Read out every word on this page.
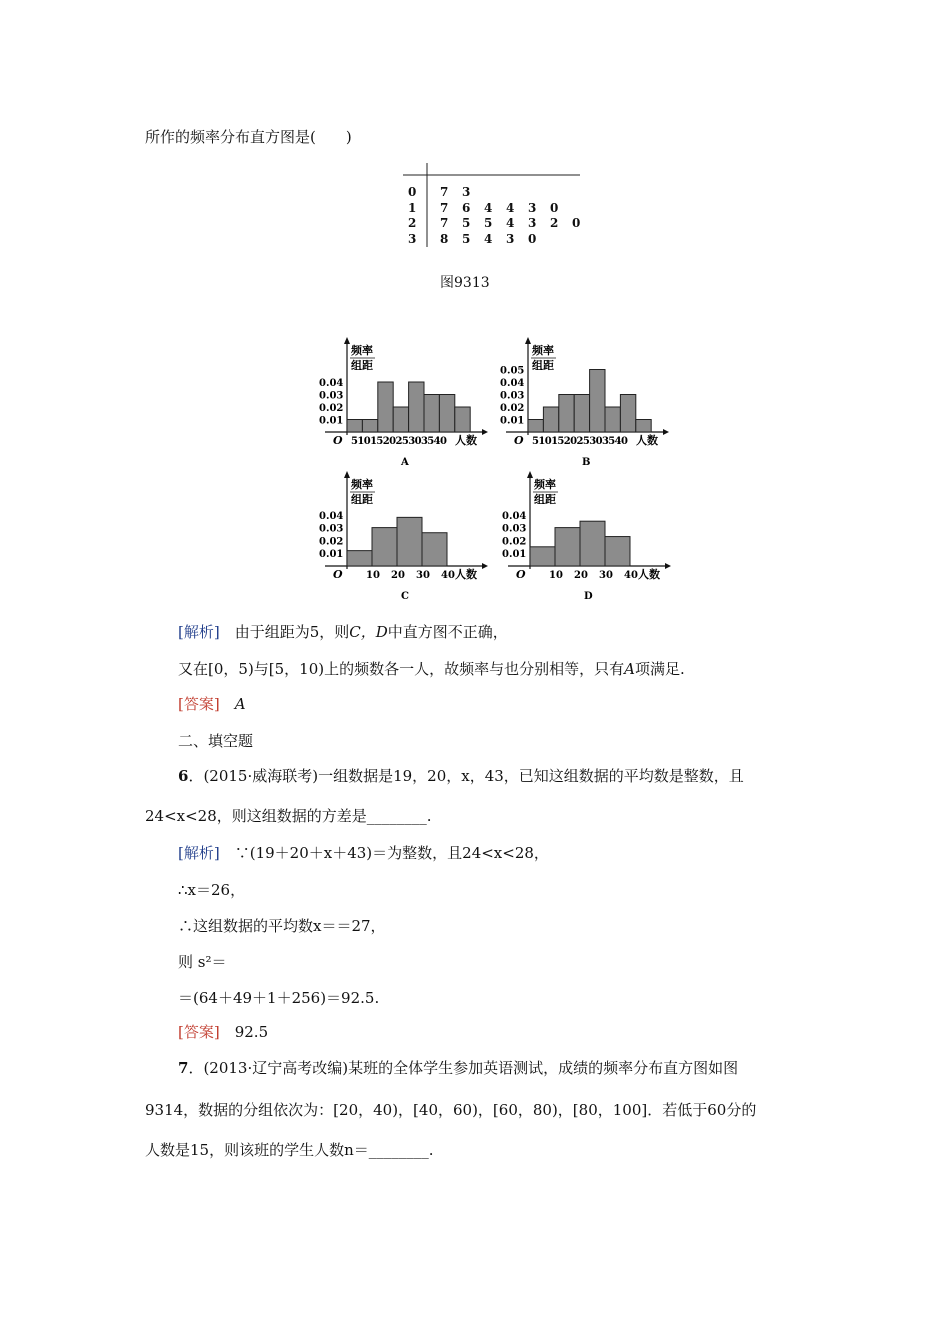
所作的频率分布直方图是(　　)
0 7 3
1 7 6 4 4 3 0
2 7 5 5 4 3 2 0
3 8 5 4 3 0
图9313
频率
组距
O	人数
0.01
0.02
0.03
0.04
510152025303540
A
频率
组距
O	人数
0.01
0.02
0.03
0.04
0.05
510152025303540
B
频率
组距
O	人数
0.01
0.02
0.03
0.04
10 20 30 40
C
频率
组距
O	人数
0.01
0.02
0.03
0.04
10 20 30 40
D
[解析]　由于组距为5，则C，D中直方图不正确，
又在[0，5)与[5，10)上的频数各一人，故频率与也分别相等，只有A项满足.
[答案]　 A
二、填空题
6．(2015·威海联考)一组数据是19，20，x，43，已知这组数据的平均数是整数，且
24<x<28，则这组数据的方差是________.
[解析]　∵(19＋20＋x＋43)＝为整数，且24<x<28，
∴x＝26，
∴这组数据的平均数x＝＝27，
则 s²＝
＝(64＋49＋1＋256)＝92.5.
[答案]　92.5
7．(2013·辽宁高考改编)某班的全体学生参加英语测试，成绩的频率分布直方图如图
9314，数据的分组依次为：[20，40)，[40，60)，[60，80)，[80，100]．若低于60分的
人数是15，则该班的学生人数n＝________.
